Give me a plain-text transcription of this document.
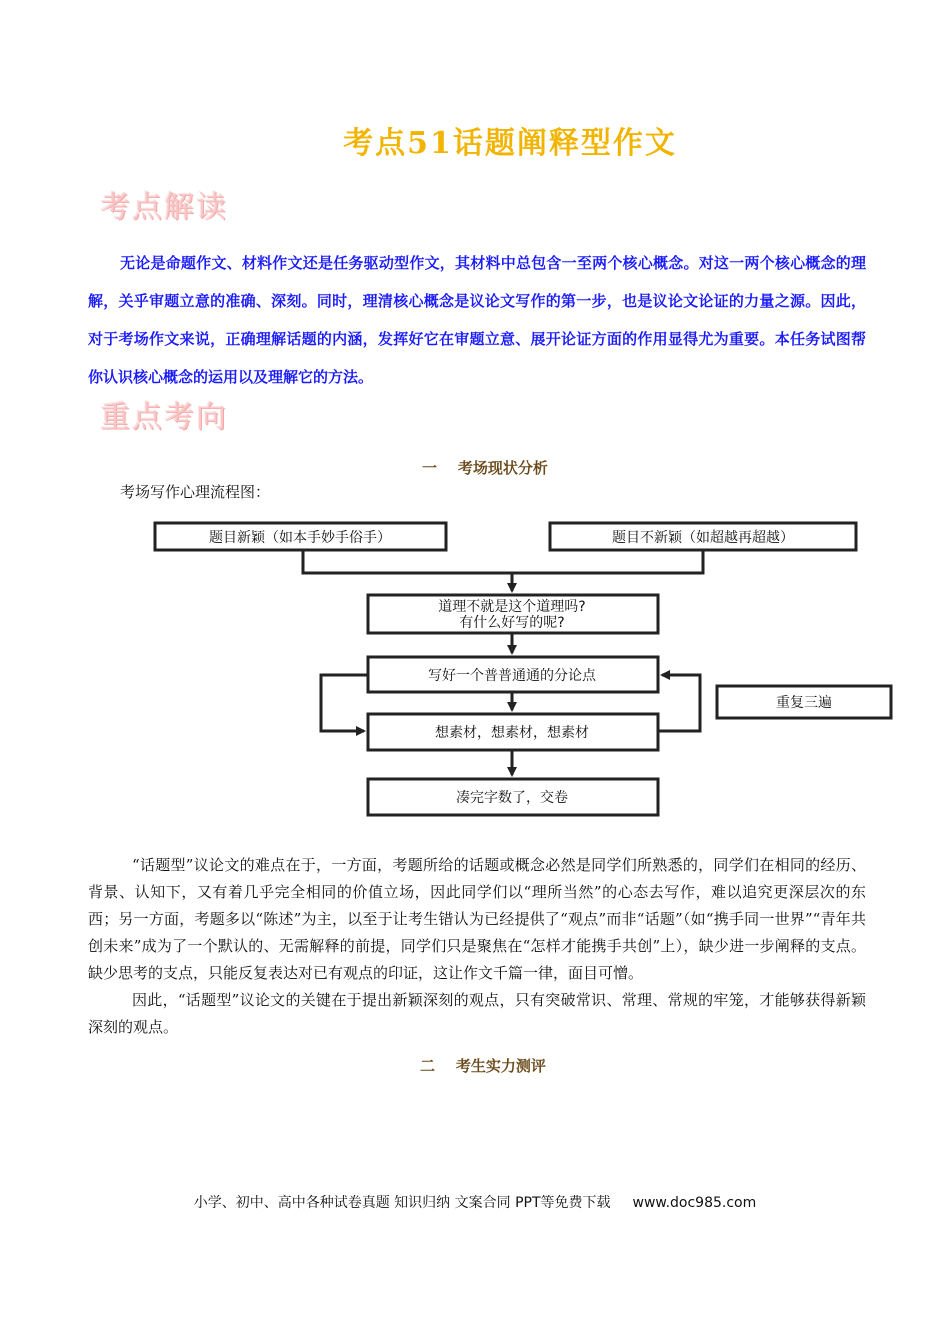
考点51话题阐释型作文
考点解读
无论是命题作文、材料作文还是任务驱动型作文，其材料中总包含一至两个核心概念。对这一两个核心概念的理解，关乎审题立意的准确、深刻。同时，理清核心概念是议论文写作的第一步，也是议论文论证的力量之源。因此，对于考场作文来说，正确理解话题的内涵，发挥好它在审题立意、展开论证方面的作用显得尤为重要。本任务试图帮你认识核心概念的运用以及理解它的方法。
重点考向
一    考场现状分析
考场写作心理流程图：
题目新颖（如本手妙手俗手）	题目不新颖（如超越再超越）
道理不就是这个道理吗?
有什么好写的呢?
写好一个普普通通的分论点
重复三遍
想素材，想素材，想素材
凑完字数了，交卷

“话题型”议论文的难点在于，一方面，考题所给的话题或概念必然是同学们所熟悉的，同学们在相同的经历、背景、认知下，又有着几乎完全相同的价值立场，因此同学们以“理所当然”的心态去写作，难以追究更深层次的东西；另一方面，考题多以“陈述”为主，以至于让考生错认为已经提供了“观点”而非“话题”（如“携手同一世界”“青年共创未来”成为了一个默认的、无需解释的前提，同学们只是聚焦在“怎样才能携手共创”上），缺少进一步阐释的支点。缺少思考的支点，只能反复表达对已有观点的印证，这让作文千篇一律，面目可憎。

因此，“话题型”议论文的关键在于提出新颖深刻的观点，只有突破常识、常理、常规的牢笼，才能够获得新颖深刻的观点。

二    考生实力测评
小学、初中、高中各种试卷真题 知识归纳 文案合同 PPT等免费下载 www.doc985.com
